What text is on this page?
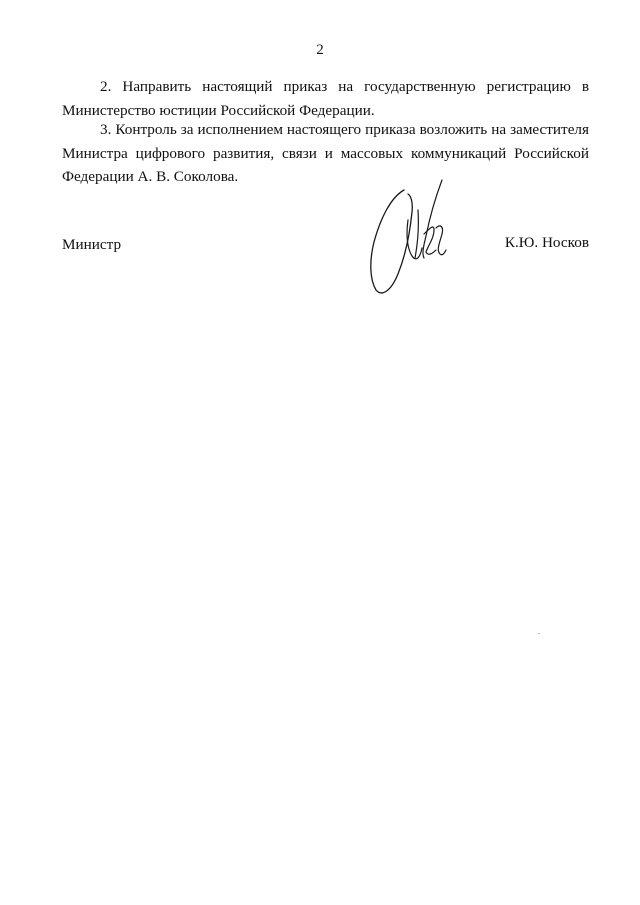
2

2. Направить настоящий приказ на государственную регистрацию в Министерство юстиции Российской Федерации.

3. Контроль за исполнением настоящего приказа возложить на заместителя Министра цифрового развития, связи и массовых коммуникаций Российской Федерации А. В. Соколова.

Министр	К.Ю. Носков
